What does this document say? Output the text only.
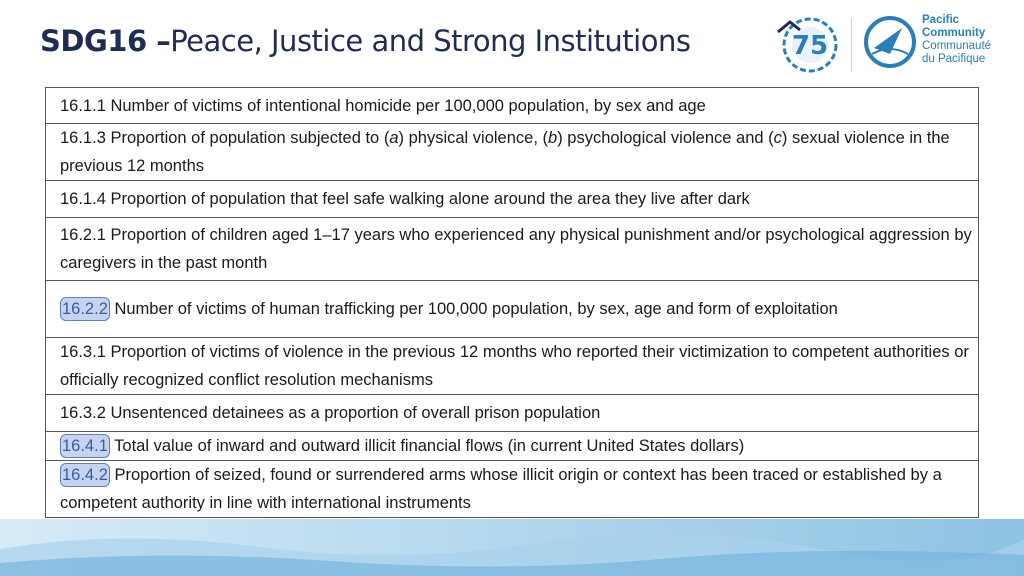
SDG16 –Peace, Justice and Strong Institutions	75
Pacific
Community
Communauté
du Pacifique
16.1.1 Number of victims of intentional homicide per 100,000 population, by sex and age
16.1.3 Proportion of population subjected to (a) physical violence, (b) psychological violence and (c) sexual violence in the previous 12 months
16.1.4 Proportion of population that feel safe walking alone around the area they live after dark
16.2.1 Proportion of children aged 1–17 years who experienced any physical punishment and/or psychological aggression by caregivers in the past month
16.2.2 Number of victims of human trafficking per 100,000 population, by sex, age and form of exploitation
16.3.1 Proportion of victims of violence in the previous 12 months who reported their victimization to competent authorities or officially recognized conflict resolution mechanisms
16.3.2 Unsentenced detainees as a proportion of overall prison population
16.4.1 Total value of inward and outward illicit financial flows (in current United States dollars)
16.4.2 Proportion of seized, found or surrendered arms whose illicit origin or context has been traced or established by a competent authority in line with international instruments
